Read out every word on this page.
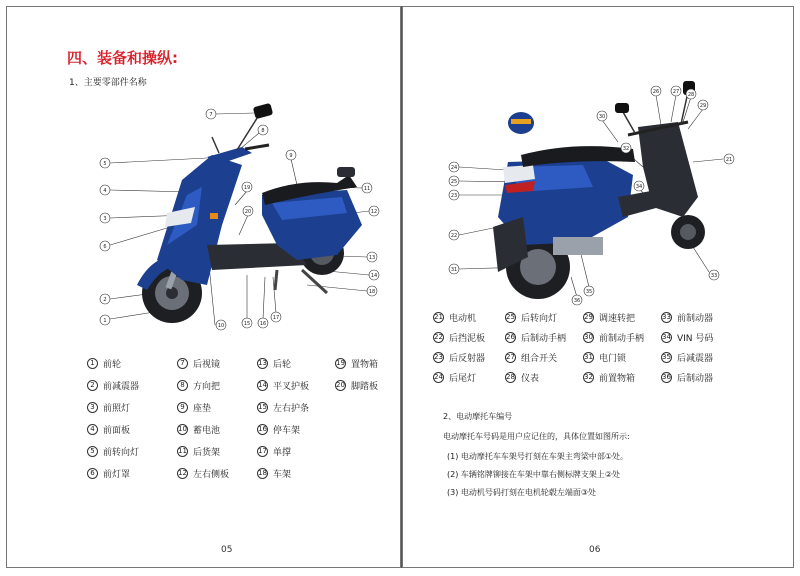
四、装备和操纵:
1、主要零部件名称
1
2
3
4
5
6
7
8
9
10
11
12
13
14
15 16
17
18
19
20
1 前轮
2 前减震器
3 前照灯
4 前面板
5 前转向灯
6 前灯罩
7 后视镜
8 方向把
9 座垫
10 蓄电池
11 后货架
12 左右侧板
13 后轮
14 平叉护板
15 左右护条
16 停车架
17 单撑
18 车架
19 置物箱
20 脚踏板
05
21
22
23
24
25
26	27 28
29
30
31
32
33
34
35
36
21 电动机
22 后挡泥板
23 后反射器
24 后尾灯
25 后转向灯
26 后制动手柄
27 组合开关
28 仪表
29 调速转把
30 前制动手柄
31 电门锁
32 前置物箱
33 前制动器
34 VIN 号码
35 后减震器
36 后制动器
2、电动摩托车编号
电动摩托车号码是用户应记住的，具体位置如图所示:
(1) 电动摩托车车架号打刻在车架主弯梁中部①处。
(2) 车辆铭牌铆接在车架中靠右侧标牌支架上②处
(3) 电动机号码打刻在电机轮毂左端面③处
06
